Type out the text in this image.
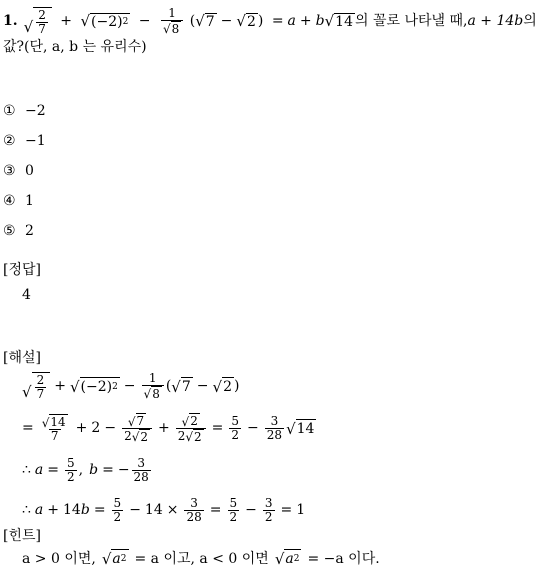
1. √ $\frac{2}{7}$ + √ (−2) $2 - \frac{1}{√ 8}$ ( √ 7 − √ 2 ) = a + b √ 14 의 꼴로 나타낼 때, a + 14b 의
값?(단, a, b 는 유리수)
① −2
② −1
③ 0
④ 1
⑤ 2
[정답]
4
[해설]
√ $\frac{2}{7}$ + √ (−2) $2 - \frac{1}{√ 8}$ ( √ 7 − √ 2 )
= $\frac{√ 14}{7} + 2 - \frac{√ 7}{2 √ 2} + \frac{√ 2}{2 √ 2} = \frac{5}{2} - \frac{3}{28}$ √ 14
∴ $a = \frac{5}{2}$ , b = − $\frac{3}{28}$
∴ a + 14 $b = \frac{5}{2} - 14 \times \frac{3}{28} = \frac{5}{2} - \frac{3}{2} = 1$
[힌트]
a > 0 이면, √ a 2 = a 이고, a < 0 이면 √ a 2 = −a 이다.
